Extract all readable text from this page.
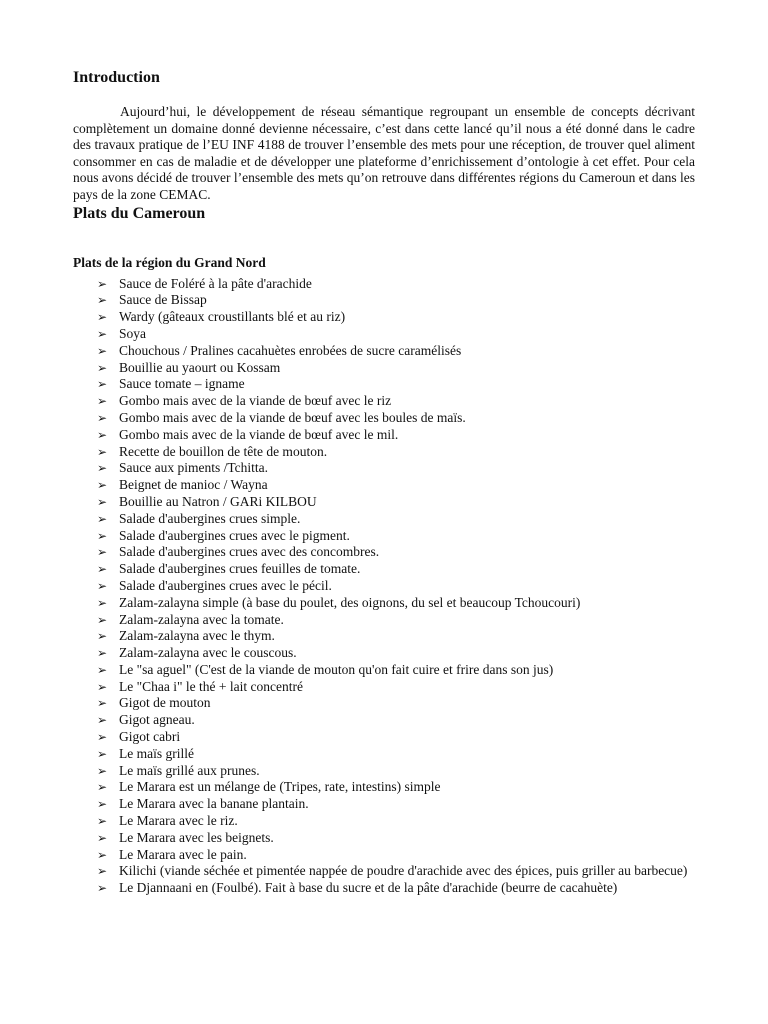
Introduction

Aujourd’hui, le développement de réseau sémantique regroupant un ensemble de concepts décrivant complètement un domaine donné devienne nécessaire, c’est dans cette lancé qu’il nous a été donné dans le cadre des travaux pratique de l’EU INF 4188 de trouver l’ensemble des mets pour une réception, de trouver quel aliment consommer en cas de maladie et de développer une plateforme d’enrichissement d’ontologie à cet effet. Pour cela nous avons décidé de trouver l’ensemble des mets qu’on retrouve dans différentes régions du Cameroun et dans les pays de la zone CEMAC.

Plats du Cameroun
Plats de la région du Grand Nord
➢ Sauce de Foléré à la pâte d'arachide
➢ Sauce de Bissap
➢ Wardy (gâteaux croustillants blé et au riz)
➢ Soya
➢ Chouchous / Pralines cacahuètes enrobées de sucre caramélisés
➢ Bouillie au yaourt ou Kossam
➢ Sauce tomate – igname
➢ Gombo mais avec de la viande de bœuf avec le riz
➢ Gombo mais avec de la viande de bœuf avec les boules de maïs.
➢ Gombo mais avec de la viande de bœuf avec le mil.
➢ Recette de bouillon de tête de mouton.
➢ Sauce aux piments /Tchitta.
➢ Beignet de manioc / Wayna
➢ Bouillie au Natron / GARi KILBOU
➢ Salade d'aubergines crues simple.
➢ Salade d'aubergines crues avec le pigment.
➢ Salade d'aubergines crues avec des concombres.
➢ Salade d'aubergines crues feuilles de tomate.
➢ Salade d'aubergines crues avec le pécil.
➢ Zalam-zalayna simple (à base du poulet, des oignons, du sel et beaucoup Tchoucouri)
➢ Zalam-zalayna avec la tomate.
➢ Zalam-zalayna avec le thym.
➢ Zalam-zalayna avec le couscous.
➢ Le "sa aguel" (C'est de la viande de mouton qu'on fait cuire et frire dans son jus)
➢ Le "Chaa i" le thé + lait concentré
➢ Gigot de mouton
➢ Gigot agneau.
➢ Gigot cabri
➢ Le maïs grillé
➢ Le maïs grillé aux prunes.
➢ Le Marara est un mélange de (Tripes, rate, intestins) simple
➢ Le Marara avec la banane plantain.
➢ Le Marara avec le riz.
➢ Le Marara avec les beignets.
➢ Le Marara avec le pain.
➢ Kilichi (viande séchée et pimentée nappée de poudre d'arachide avec des épices, puis griller au barbecue)
➢ Le Djannaani en (Foulbé). Fait à base du sucre et de la pâte d'arachide (beurre de cacahuète)
